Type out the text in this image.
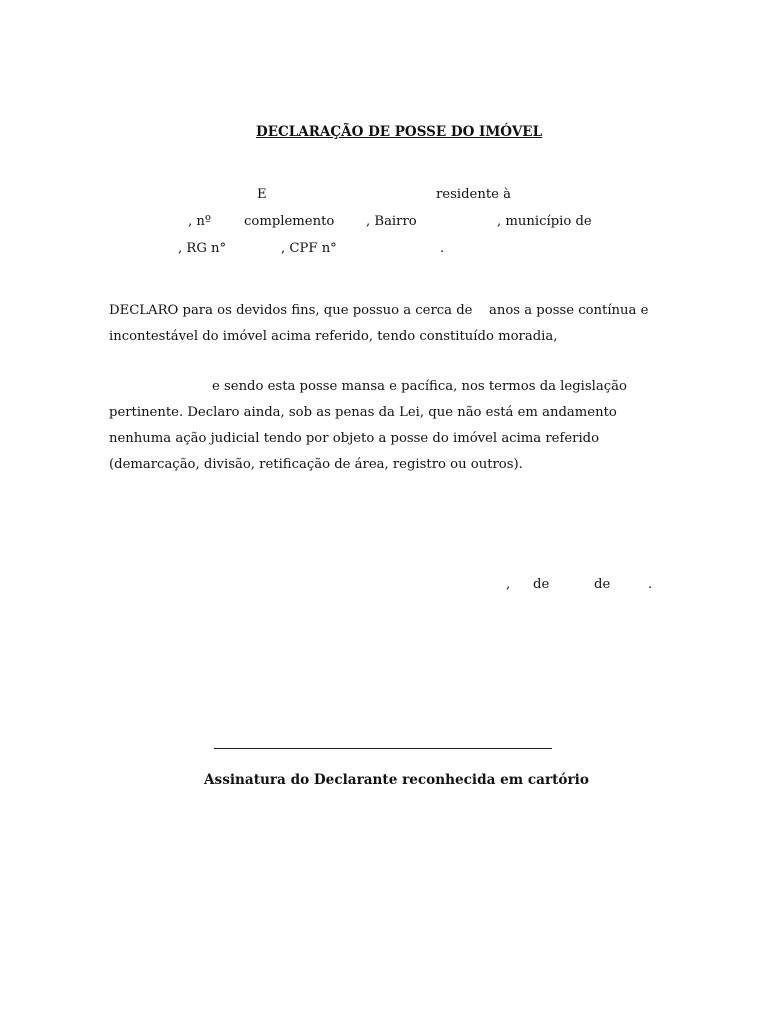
DECLARAÇÃO DE POSSE DO IMÓVEL
E	residente à
, nº complemento , Bairro	, município de
, RG n°	, CPF n°	.
DECLARO para os devidos fins, que possuo a cerca de anos a posse contínua e
incontestável do imóvel acima referido, tendo constituído moradia,
e sendo esta posse mansa e pacífica, nos termos da legislação
pertinente. Declaro ainda, sob as penas da Lei, que não está em andamento
nenhuma ação judicial tendo por objeto a posse do imóvel acima referido
(demarcação, divisão, retificação de área, registro ou outros).
, de	de	.
Assinatura do Declarante reconhecida em cartório
